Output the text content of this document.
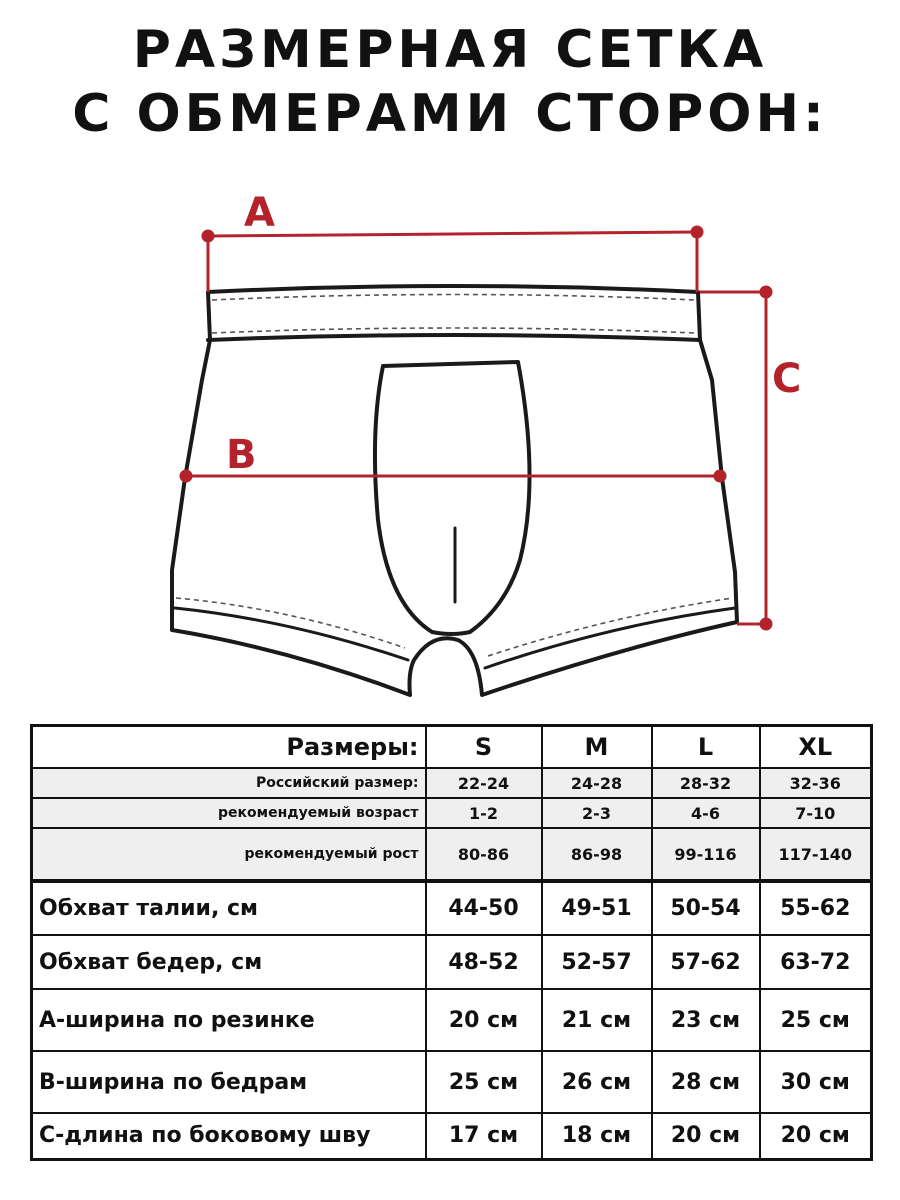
РАЗМЕРНАЯ СЕТКА
С ОБМЕРАМИ СТОРОН:
A
B
C
Размеры:	S	M	L	XL
Российский размер:	22-24	24-28	28-32	32-36
рекомендуемый возраст	1-2	2-3	4-6	7-10
рекомендуемый рост	80-86	86-98	99-116	117-140
Обхват талии, см	44-50	49-51	50-54	55-62
Обхват бедер, см	48-52	52-57	57-62	63-72
А-ширина по резинке	20 см	21 см	23 см	25 см
В-ширина по бедрам	25 см	26 см	28 см	30 см
С-длина по боковому шву	17 см	18 см	20 см	20 см
